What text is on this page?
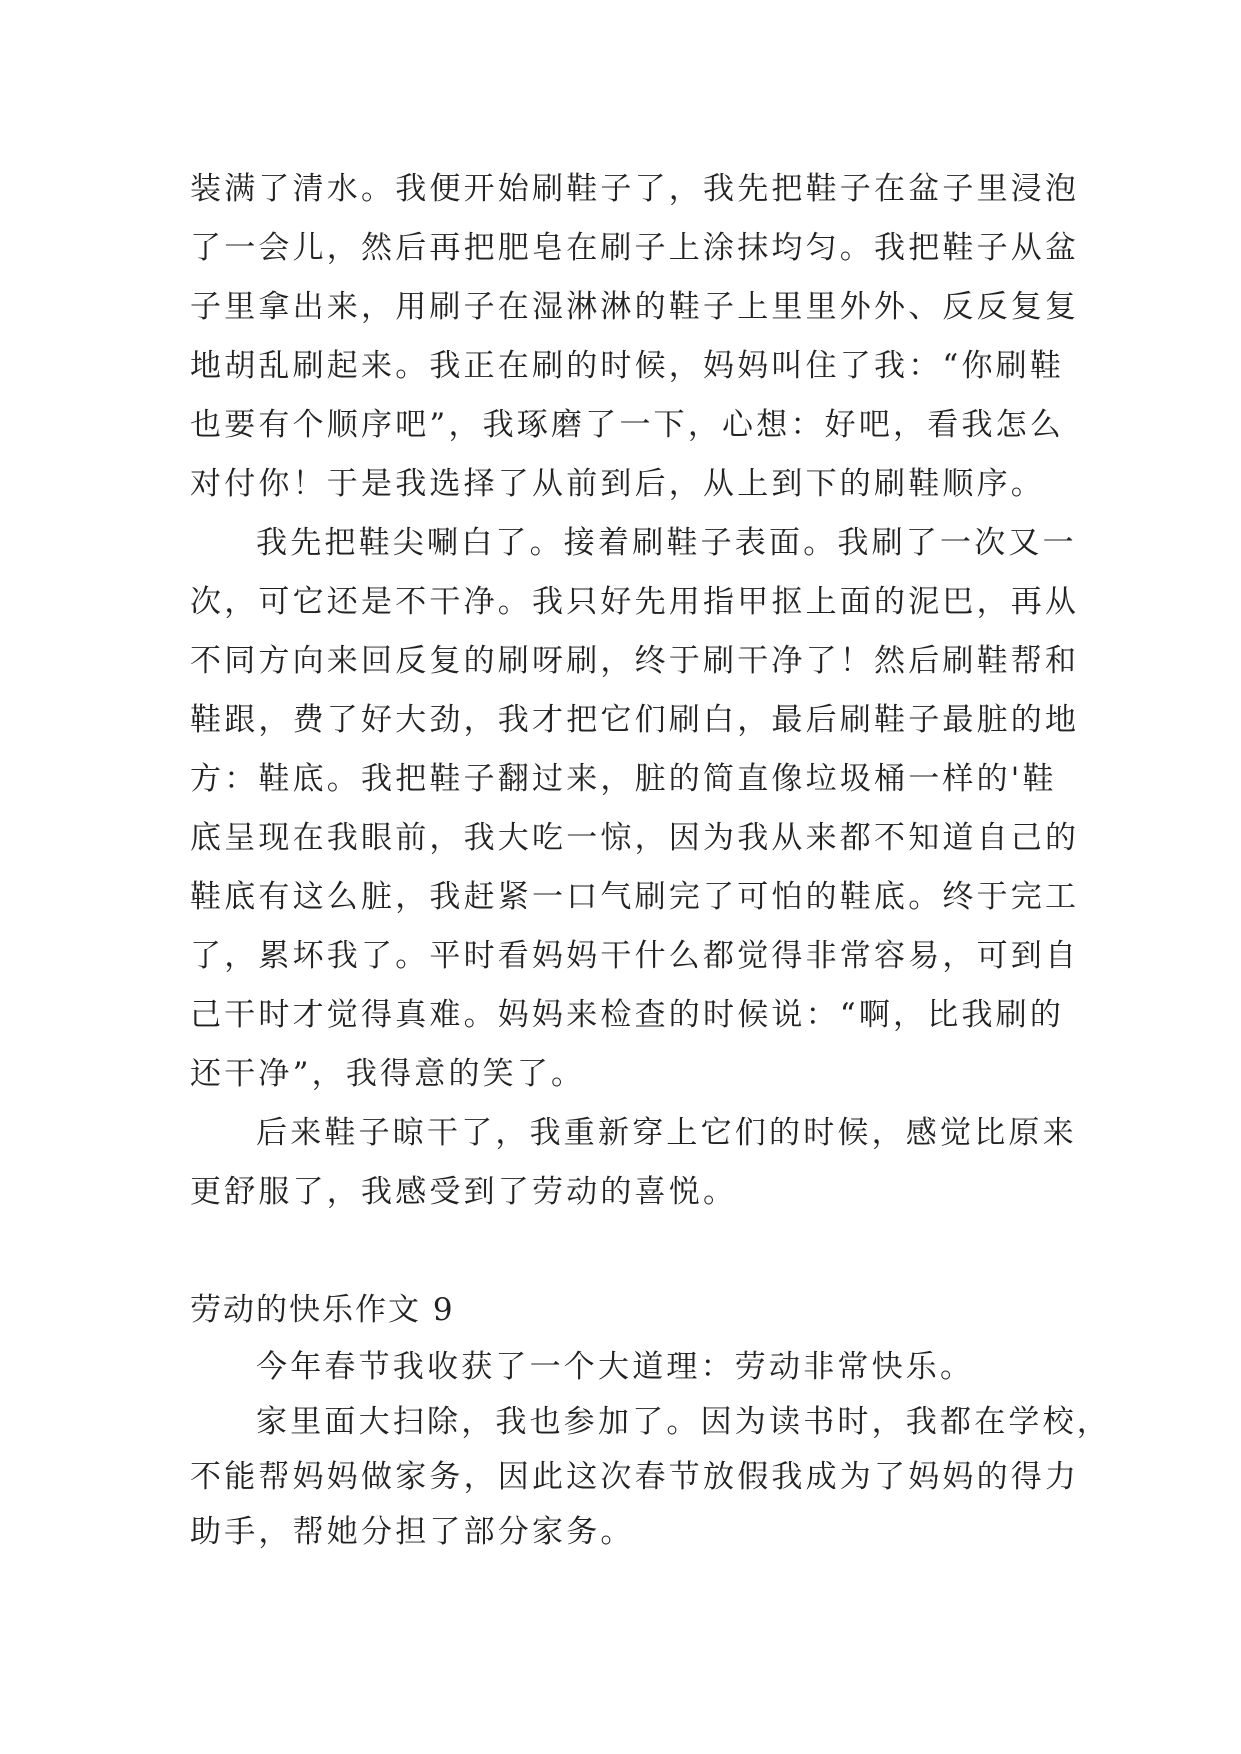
装满了清水。我便开始刷鞋子了，我先把鞋子在盆子里浸泡
了一会儿，然后再把肥皂在刷子上涂抹均匀。我把鞋子从盆
子里拿出来，用刷子在湿淋淋的鞋子上里里外外、反反复复
地胡乱刷起来。我正在刷的时候，妈妈叫住了我：“你刷鞋
也要有个顺序吧”，我琢磨了一下，心想：好吧，看我怎么
对付你！于是我选择了从前到后，从上到下的刷鞋顺序。

我先把鞋尖唰白了。接着刷鞋子表面。我刷了一次又一
次，可它还是不干净。我只好先用指甲抠上面的泥巴，再从
不同方向来回反复的刷呀刷，终于刷干净了！然后刷鞋帮和
鞋跟，费了好大劲，我才把它们刷白，最后刷鞋子最脏的地
方：鞋底。我把鞋子翻过来，脏的简直像垃圾桶一样的'鞋
底呈现在我眼前，我大吃一惊，因为我从来都不知道自己的
鞋底有这么脏，我赶紧一口气刷完了可怕的鞋底。终于完工
了，累坏我了。平时看妈妈干什么都觉得非常容易，可到自
己干时才觉得真难。妈妈来检查的时候说：“啊，比我刷的
还干净”，我得意的笑了。

后来鞋子晾干了，我重新穿上它们的时候，感觉比原来
更舒服了，我感受到了劳动的喜悦。

劳动的快乐作文 9

今年春节我收获了一个大道理：劳动非常快乐。

家里面大扫除，我也参加了。因为读书时，我都在学校，
不能帮妈妈做家务，因此这次春节放假我成为了妈妈的得力
助手，帮她分担了部分家务。
